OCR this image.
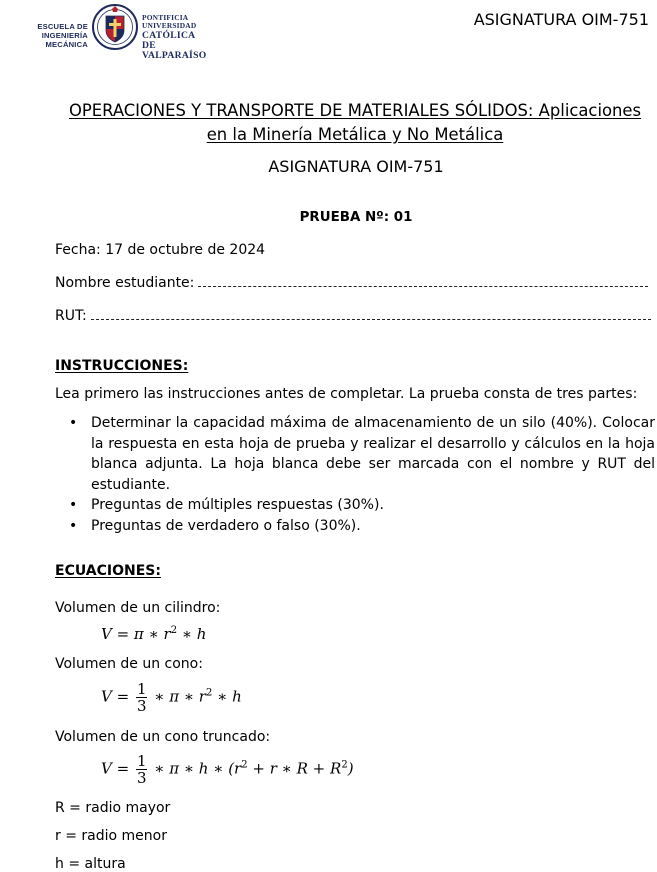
ESCUELA DE
INGENIERÍA MECÁNICA
PONTIFICIA
UNIVERSIDAD
CATÓLICA DE
VALPARAÍSO
ASIGNATURA OIM-751
OPERACIONES Y TRANSPORTE DE MATERIALES SÓLIDOS: Aplicaciones
en la Minería Metálica y No Metálica
ASIGNATURA OIM-751
PRUEBA Nº: 01
Fecha: 17 de octubre de 2024
Nombre estudiante:
RUT:
INSTRUCCIONES:
Lea primero las instrucciones antes de completar. La prueba consta de tres partes:
• Determinar la capacidad máxima de almacenamiento de un silo (40%). Colocar la respuesta en esta hoja de prueba y realizar el desarrollo y cálculos en la hoja blanca adjunta. La hoja blanca debe ser marcada con el nombre y RUT del estudiante.
• Preguntas de múltiples respuestas (30%).
• Preguntas de verdadero o falso (30%).
ECUACIONES:
Volumen de un cilindro:
V = π ∗ $r^2$ ∗ h
Volumen de un cono:
$V = \frac{1}{3}$ ∗ π ∗ $r^2$ ∗ h
Volumen de un cono truncado:
$V = \frac{1}{3}$ ∗ π ∗ h ∗ ($r^2 + r$ ∗ $R + R^2$)
R = radio mayor
r = radio menor
h = altura
